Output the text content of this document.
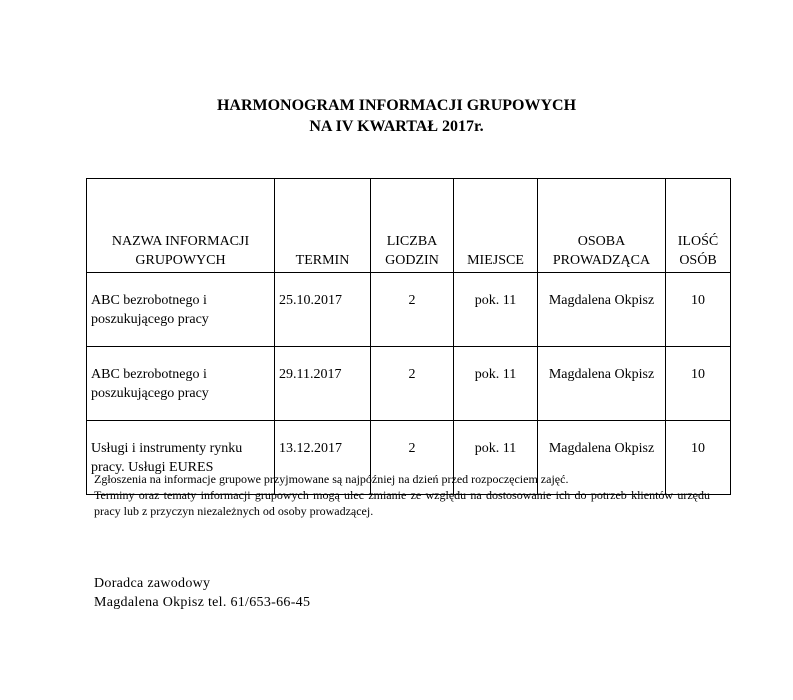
HARMONOGRAM INFORMACJI GRUPOWYCH
NA IV KWARTAŁ 2017r.
NAZWA INFORMACJI GRUPOWYCH	TERMIN	LICZBA GODZIN	MIEJSCE	OSOBA PROWADZĄCA	ILOŚĆ OSÓB
ABC bezrobotnego i poszukującego pracy	25.10.2017	2	pok. 11	Magdalena Okpisz	10
ABC bezrobotnego i poszukującego pracy	29.11.2017	2	pok. 11	Magdalena Okpisz	10
Usługi i instrumenty rynku pracy. Usługi EURES	13.12.2017	2	pok. 11	Magdalena Okpisz	10

Zgłoszenia na informacje grupowe przyjmowane są najpóźniej na dzień przed rozpoczęciem zajęć.

Terminy oraz tematy informacji grupowych mogą ulec zmianie ze względu na dostosowanie ich do potrzeb klientów urzędu pracy lub z przyczyn niezależnych od osoby prowadzącej.

Doradca zawodowy

Magdalena Okpisz tel. 61/653-66-45
